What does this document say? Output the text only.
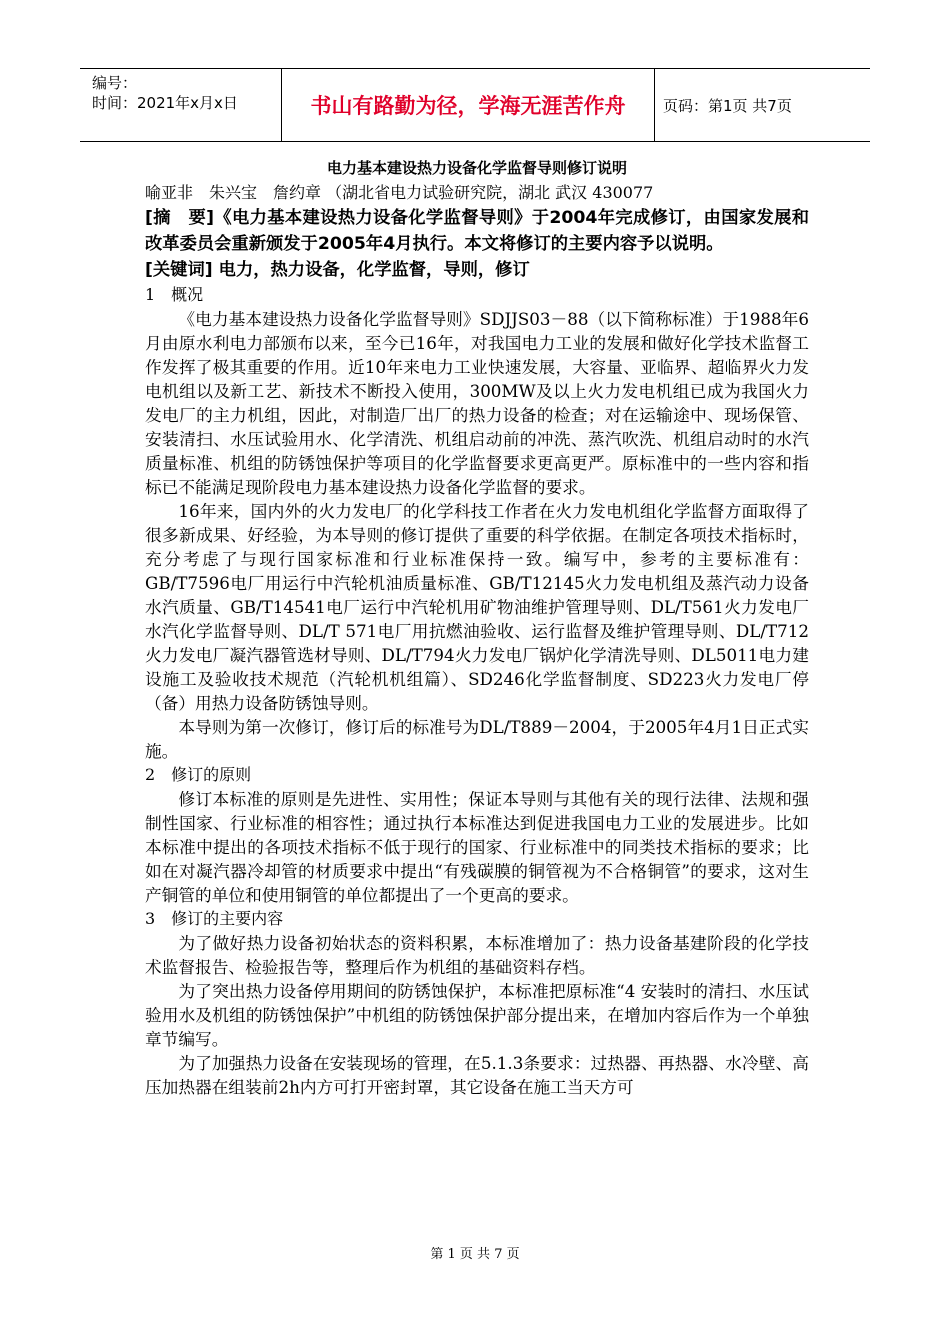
编号：
时间：2021年x月x日	书山有路勤为径，学海无涯苦作舟	页码：第1页 共7页

电力基本建设热力设备化学监督导则修订说明

喻亚非　朱兴宝　詹约章 （湖北省电力试验研究院，湖北 武汉 430077

[摘　要]《电力基本建设热力设备化学监督导则》于2004年完成修订，由国家发展和改革委员会重新颁发于2005年4月执行。本文将修订的主要内容予以说明。

[关键词] 电力，热力设备，化学监督，导则，修订

1　概况

《电力基本建设热力设备化学监督导则》SDJJS03－88（以下简称标准）于1988年6月由原水利电力部颁布以来，至今已16年，对我国电力工业的发展和做好化学技术监督工作发挥了极其重要的作用。近10年来电力工业快速发展，大容量、亚临界、超临界火力发电机组以及新工艺、新技术不断投入使用，300MW及以上火力发电机组已成为我国火力发电厂的主力机组，因此，对制造厂出厂的热力设备的检查；对在运输途中、现场保管、安装清扫、水压试验用水、化学清洗、机组启动前的冲洗、蒸汽吹洗、机组启动时的水汽质量标准、机组的防锈蚀保护等项目的化学监督要求更高更严。原标准中的一些内容和指标已不能满足现阶段电力基本建设热力设备化学监督的要求。

16年来，国内外的火力发电厂的化学科技工作者在火力发电机组化学监督方面取得了很多新成果、好经验，为本导则的修订提供了重要的科学依据。在制定各项技术指标时，充分考虑了与现行国家标准和行业标准保持一致。编写中，参考的主要标准有：GB/T7596电厂用运行中汽轮机油质量标准、GB/T12145火力发电机组及蒸汽动力设备水汽质量、GB/T14541电厂运行中汽轮机用矿物油维护管理导则、DL/T561火力发电厂水汽化学监督导则、DL/T 571电厂用抗燃油验收、运行监督及维护管理导则、DL/T712火力发电厂凝汽器管选材导则、DL/T794火力发电厂锅炉化学清洗导则、DL5011电力建设施工及验收技术规范（汽轮机机组篇）、SD246化学监督制度、SD223火力发电厂停（备）用热力设备防锈蚀导则。

本导则为第一次修订，修订后的标准号为DL/T889－2004，于2005年4月1日正式实施。

2　修订的原则

修订本标准的原则是先进性、实用性；保证本导则与其他有关的现行法律、法规和强制性国家、行业标准的相容性；通过执行本标准达到促进我国电力工业的发展进步。比如本标准中提出的各项技术指标不低于现行的国家、行业标准中的同类技术指标的要求；比如在对凝汽器冷却管的材质要求中提出“有残碳膜的铜管视为不合格铜管”的要求，这对生产铜管的单位和使用铜管的单位都提出了一个更高的要求。

3　修订的主要内容

为了做好热力设备初始状态的资料积累，本标准增加了：热力设备基建阶段的化学技术监督报告、检验报告等，整理后作为机组的基础资料存档。

为了突出热力设备停用期间的防锈蚀保护，本标准把原标准“4 安装时的清扫、水压试验用水及机组的防锈蚀保护”中机组的防锈蚀保护部分提出来，在增加内容后作为一个单独章节编写。

为了加强热力设备在安装现场的管理，在5.1.3条要求：过热器、再热器、水冷壁、高压加热器在组装前2h内方可打开密封罩，其它设备在施工当天方可

第 1 页 共 7 页
